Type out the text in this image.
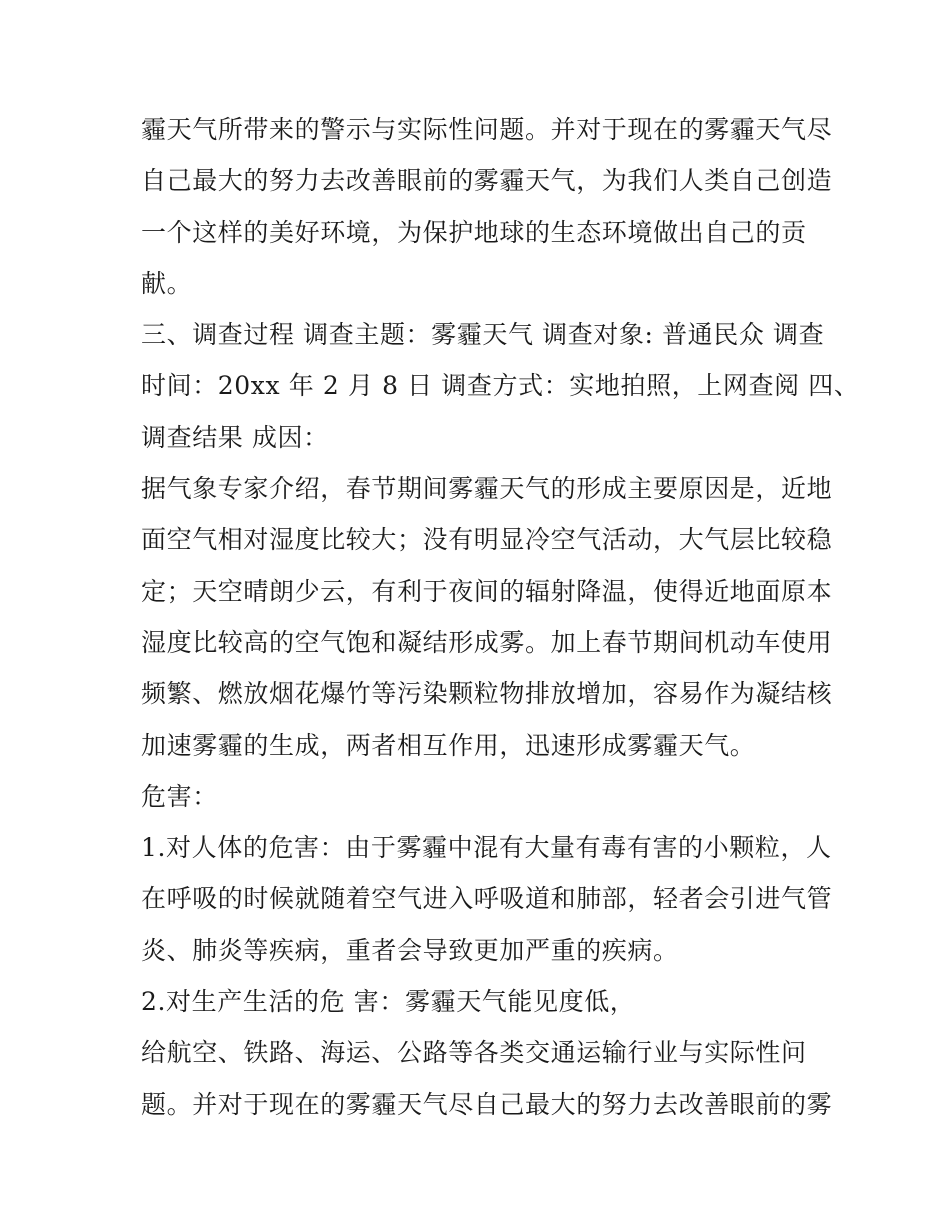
霾天气所带来的警示与实际性问题。并对于现在的雾霾天气尽
自己最大的努力去改善眼前的雾霾天气，为我们人类自己创造
一个这样的美好环境，为保护地球的生态环境做出自己的贡
献。
三、调查过程 调查主题：雾霾天气 调查对象: 普通民众 调查
时间：20xx 年 2 月 8 日 调查方式：实地拍照，上网查阅 四、
调查结果 成因：
据气象专家介绍，春节期间雾霾天气的形成主要原因是，近地
面空气相对湿度比较大；没有明显冷空气活动，大气层比较稳
定；天空晴朗少云，有利于夜间的辐射降温，使得近地面原本
湿度比较高的空气饱和凝结形成雾。加上春节期间机动车使用
频繁、燃放烟花爆竹等污染颗粒物排放增加，容易作为凝结核
加速雾霾的生成，两者相互作用，迅速形成雾霾天气。
危害：
1.对人体的危害：由于雾霾中混有大量有毒有害的小颗粒，人
在呼吸的时候就随着空气进入呼吸道和肺部，轻者会引进气管
炎、肺炎等疾病，重者会导致更加严重的疾病。
2.对生产生活的危 害：雾霾天气能见度低，
给航空、铁路、海运、公路等各类交通运输行业与实际性问
题。并对于现在的雾霾天气尽自己最大的努力去改善眼前的雾
